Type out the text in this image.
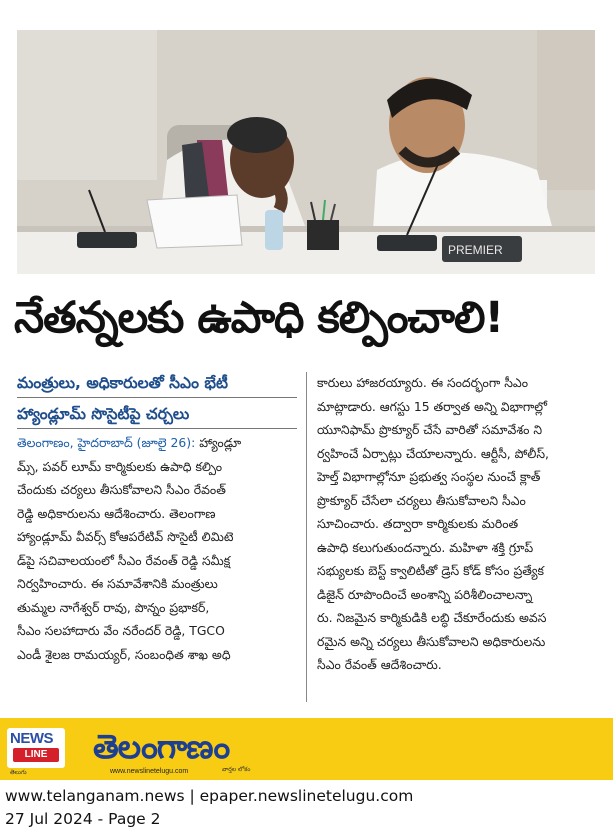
PREMIER
నేతన్నలకు ఉపాధి కల్పించాలి!
మంత్రులు, అధికారులతో సీఎం భేటీ
హ్యాండ్లూమ్ సొసైటీపై చర్చలు
తెలంగాణం, హైదరాబాద్ (జూలై 26): హ్యాండ్లూ
మ్స్, పవర్ లూమ్ కార్మికులకు ఉపాధి కల్పిం
చేందుకు చర్యలు తీసుకోవాలని సీఎం రేవంత్
రెడ్డి అధికారులను ఆదేశించారు. తెలంగాణ
హ్యాండ్లూమ్ వీవర్స్ కోఆపరేటివ్ సొసైటీ లిమిటె
డ్‌పై సచివాలయంలో సీఎం రేవంత్ రెడ్డి సమీక్ష
నిర్వహించారు. ఈ సమావేశానికి మంత్రులు
తుమ్మల నాగేశ్వర్ రావు, పొన్నం ప్రభాకర్,
సీఎం సలహాదారు వేం నరేందర్ రెడ్డి, TGCO
ఎండీ శైలజ రామయ్యర్, సంబంధిత శాఖ అధి
కారులు హాజరయ్యారు. ఈ సందర్భంగా సీఎం
మాట్లాడారు. ఆగస్టు 15 తర్వాత అన్ని విభాగాల్లో
యూనిఫామ్ ప్రొక్యూర్ చేసే వారితో సమావేశం ని
ర్వహించే ఏర్పాట్లు చేయాలన్నారు. ఆర్టీసీ, పోలీస్,
హెల్త్ విభాగాల్లోనూ ప్రభుత్వ సంస్థల నుంచే క్లాత్
ప్రొక్యూర్ చేసేలా చర్యలు తీసుకోవాలని సీఎం
సూచించారు. తద్వారా కార్మికులకు మరింత
ఉపాధి కలుగుతుందన్నారు. మహిళా శక్తి గ్రూప్
సభ్యులకు బెస్ట్ క్వాలిటీతో డ్రెస్ కోడ్ కోసం ప్రత్యేక
డిజైన్ రూపొందించే అంశాన్ని పరిశీలించాలన్నా
రు. నిజమైన కార్మికుడికి లబ్ధి చేకూరేందుకు అవస
రమైన అన్ని చర్యలు తీసుకోవాలని అధికారులను
సీఎం రేవంత్ ఆదేశించారు.
NEWS
LINE
తెలుగు
తెలంగాణం
www.newslinetelugu.com	వార్తల లోకం
www.telanganam.news | epaper.newslinetelugu.com
27 Jul 2024 - Page 2
